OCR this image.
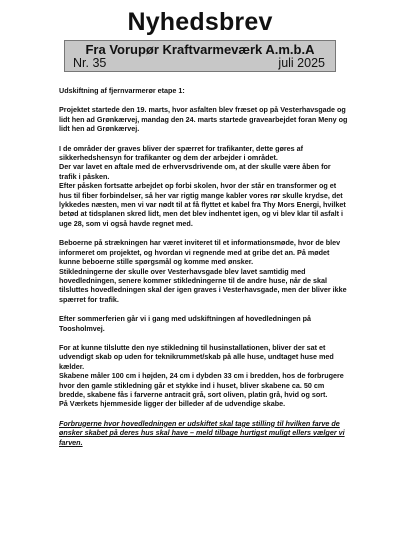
Nyhedsbrev
Fra Vorupør Kraftvarmeværk A.m.b.A
Nr. 35	juli 2025

Udskiftning af fjernvarmerør etape 1:

Projektet startede den 19. marts, hvor asfalten blev fræset op på Vesterhavsgade og lidt hen ad Grønkærvej, mandag den 24. marts startede gravearbejdet foran Meny og lidt hen ad Grønkærvej.

I de områder der graves bliver der spærret for trafikanter, dette gøres af sikkerhedshensyn for trafikanter og dem der arbejder i området.
Der var lavet en aftale med de erhvervsdrivende om, at der skulle være åben for trafik i påsken.
Efter påsken fortsatte arbejdet op forbi skolen, hvor der står en transformer og et hus til fiber forbindelser, så her var rigtig mange kabler vores rør skulle krydse, det lykkedes næsten, men vi var nødt til at få flyttet et kabel fra Thy Mors Energi, hvilket betød at tidsplanen skred lidt, men det blev indhentet igen, og vi blev klar til asfalt i uge 28, som vi også havde regnet med.

Beboerne på strækningen har været inviteret til et informationsmøde, hvor de blev informeret om projektet, og hvordan vi regnende med at gribe det an. På mødet kunne beboerne stille spørgsmål og komme med ønsker.
Stikledningerne der skulle over Vesterhavsgade blev lavet samtidig med hovedledningen, senere kommer stikledningerne til de andre huse, når de skal tilsluttes hovedledningen skal der igen graves i Vesterhavsgade, men der bliver ikke spærret for trafik.

Efter sommerferien går vi i gang med udskiftningen af hovedledningen på Toosholmvej.

For at kunne tilslutte den nye stikledning til husinstallationen, bliver der sat et udvendigt skab op uden for teknikrummet/skab på alle huse, undtaget huse med kælder.
Skabene måler 100 cm i højden, 24 cm i dybden 33 cm i bredden, hos de forbrugere hvor den gamle stikledning går et stykke ind i huset, bliver skabene ca. 50 cm bredde, skabene fås i farverne antracit grå, sort oliven, platin grå, hvid og sort.
På Værkets hjemmeside ligger der billeder af de udvendige skabe.

Forbrugerne hvor hovedledningen er udskiftet skal tage stilling til hvilken farve de ønsker skabet på deres hus skal have – meld tilbage hurtigst muligt ellers vælger vi farven.
